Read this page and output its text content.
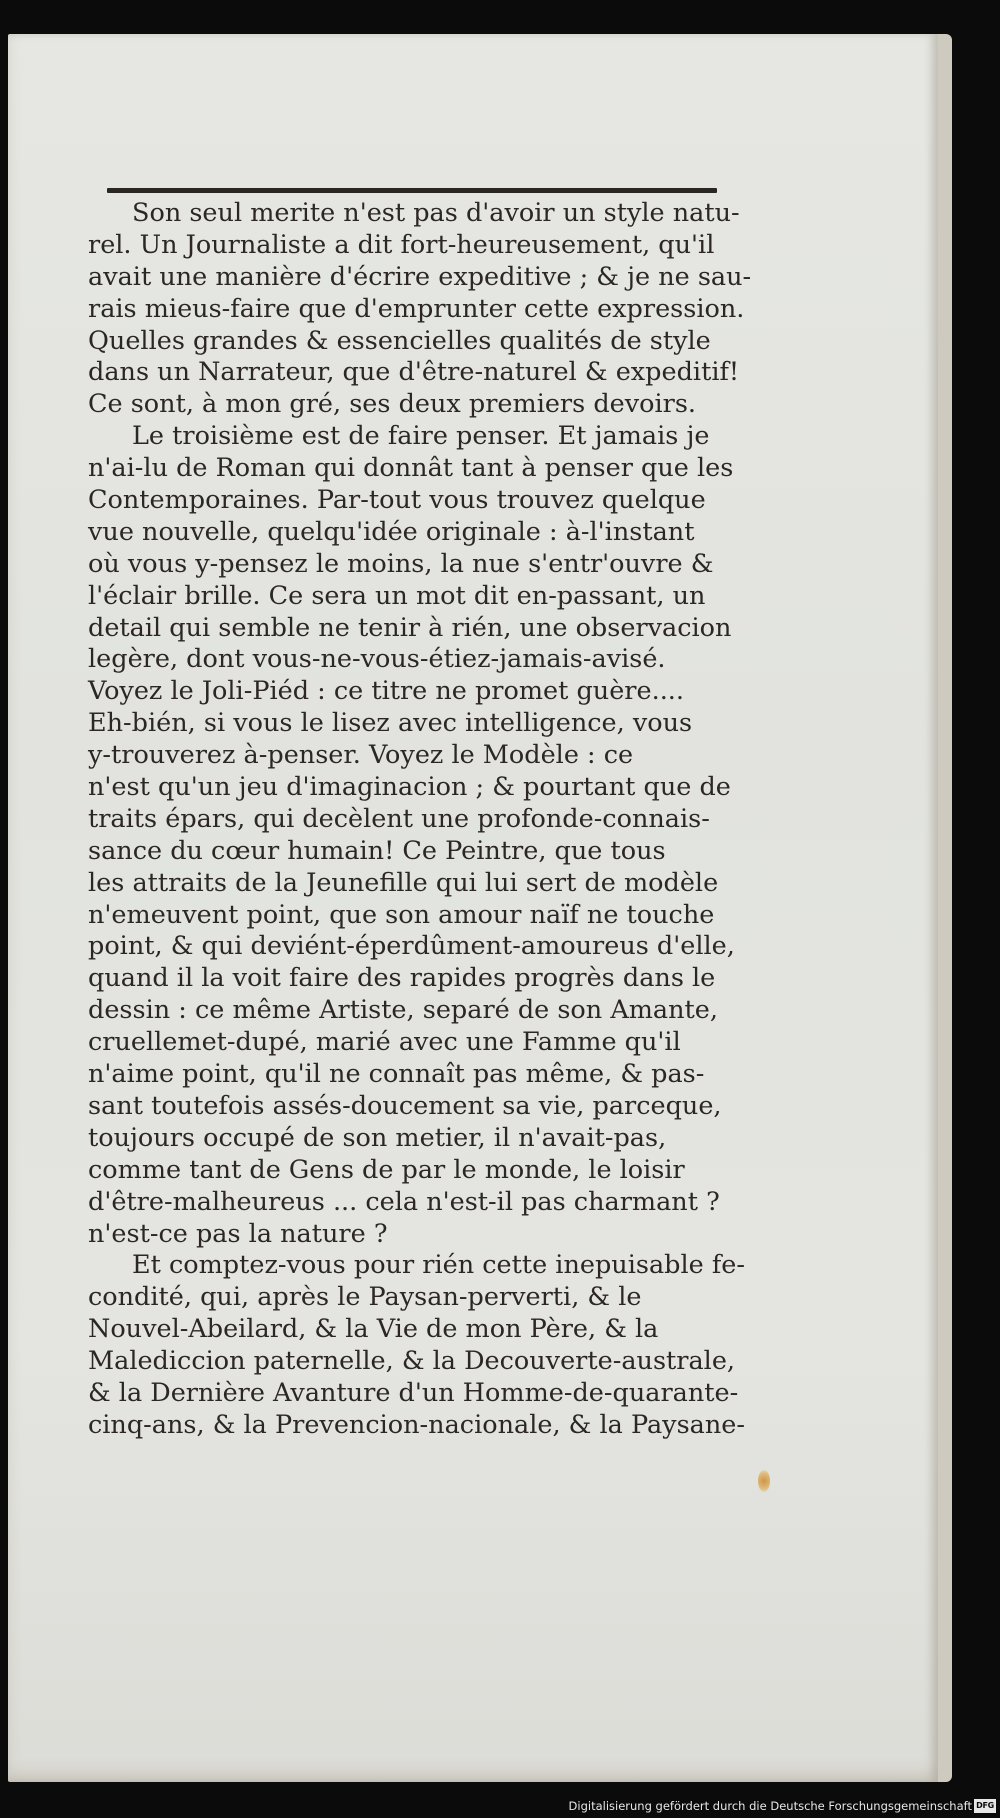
Son seul merite n'est pas d'avoir un style natu-
rel. Un Journaliste a dit fort-heureusement, qu'il
avait une manière d'écrire expeditive ; & je ne sau-
rais mieus-faire que d'emprunter cette expression.
Quelles grandes & essencielles qualités de style
dans un Narrateur, que d'être-naturel & expeditif!
Ce sont, à mon gré, ses deux premiers devoirs.
Le troisième est de faire penser. Et jamais je
n'ai-lu de Roman qui donnât tant à penser que les
Contemporaines. Par-tout vous trouvez quelque
vue nouvelle, quelqu'idée originale : à-l'instant
où vous y-pensez le moins, la nue s'entr'ouvre &
l'éclair brille. Ce sera un mot dit en-passant, un
detail qui semble ne tenir à rién, une observacion
legère, dont vous-ne-vous-étiez-jamais-avisé.
Voyez le Joli-Piéd : ce titre ne promet guère....
Eh-bién, si vous le lisez avec intelligence, vous
y-trouverez à-penser. Voyez le Modèle : ce
n'est qu'un jeu d'imaginacion ; & pourtant que de
traits épars, qui decèlent une profonde-connais-
sance du cœur humain! Ce Peintre, que tous
les attraits de la Jeunefille qui lui sert de modèle
n'emeuvent point, que son amour naïf ne touche
point, & qui deviént-éperdûment-amoureus d'elle,
quand il la voit faire des rapides progrès dans le
dessin : ce même Artiste, separé de son Amante,
cruellemet-dupé, marié avec une Famme qu'il
n'aime point, qu'il ne connaît pas même, & pas-
sant toutefois assés-doucement sa vie, parceque,
toujours occupé de son metier, il n'avait-pas,
comme tant de Gens de par le monde, le loisir
d'être-malheureus ... cela n'est-il pas charmant ?
n'est-ce pas la nature ?
Et comptez-vous pour rién cette inepuisable fe-
condité, qui, après le Paysan-perverti, & le
Nouvel-Abeilard, & la Vie de mon Père, & la
Malediccion paternelle, & la Decouverte-australe,
& la Dernière Avanture d'un Homme-de-quarante-
cinq-ans, & la Prevencion-nacionale, & la Paysane-
Digitalisierung gefördert durch die Deutsche Forschungsgemeinschaft DFG
